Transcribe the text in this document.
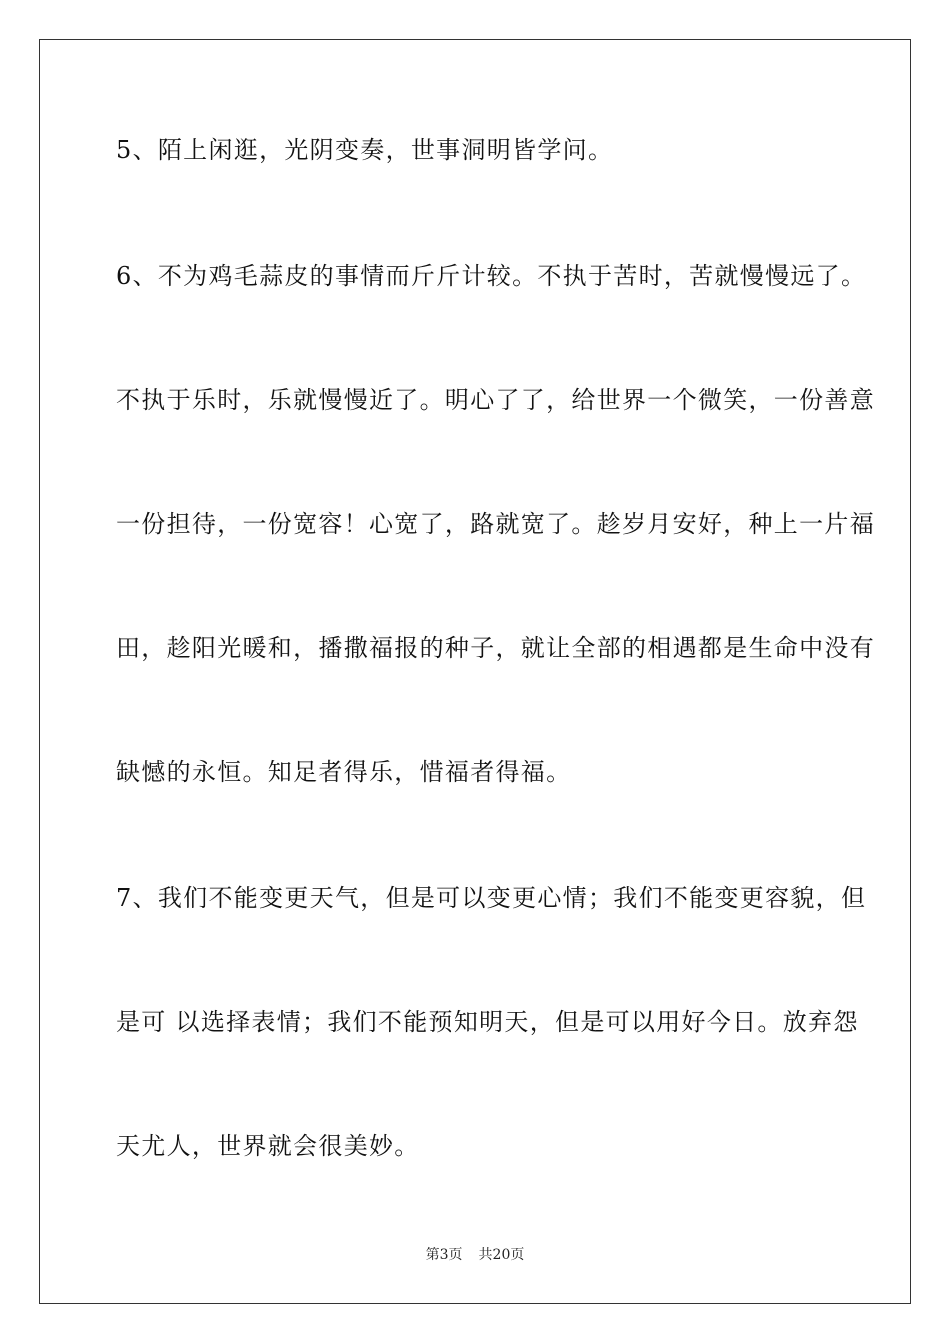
5、陌上闲逛，光阴变奏，世事洞明皆学问。
6、不为鸡毛蒜皮的事情而斤斤计较。不执于苦时，苦就慢慢远了。
不执于乐时，乐就慢慢近了。明心了了，给世界一个微笑，一份善意
一份担待，一份宽容！心宽了，路就宽了。趁岁月安好，种上一片福
田，趁阳光暖和，播撒福报的种子，就让全部的相遇都是生命中没有
缺憾的永恒。知足者得乐，惜福者得福。
7、我们不能变更天气，但是可以变更心情；我们不能变更容貌，但
是可 以选择表情；我们不能预知明天，但是可以用好今日。放弃怨
天尤人，世界就会很美妙。
第3页 共20页
